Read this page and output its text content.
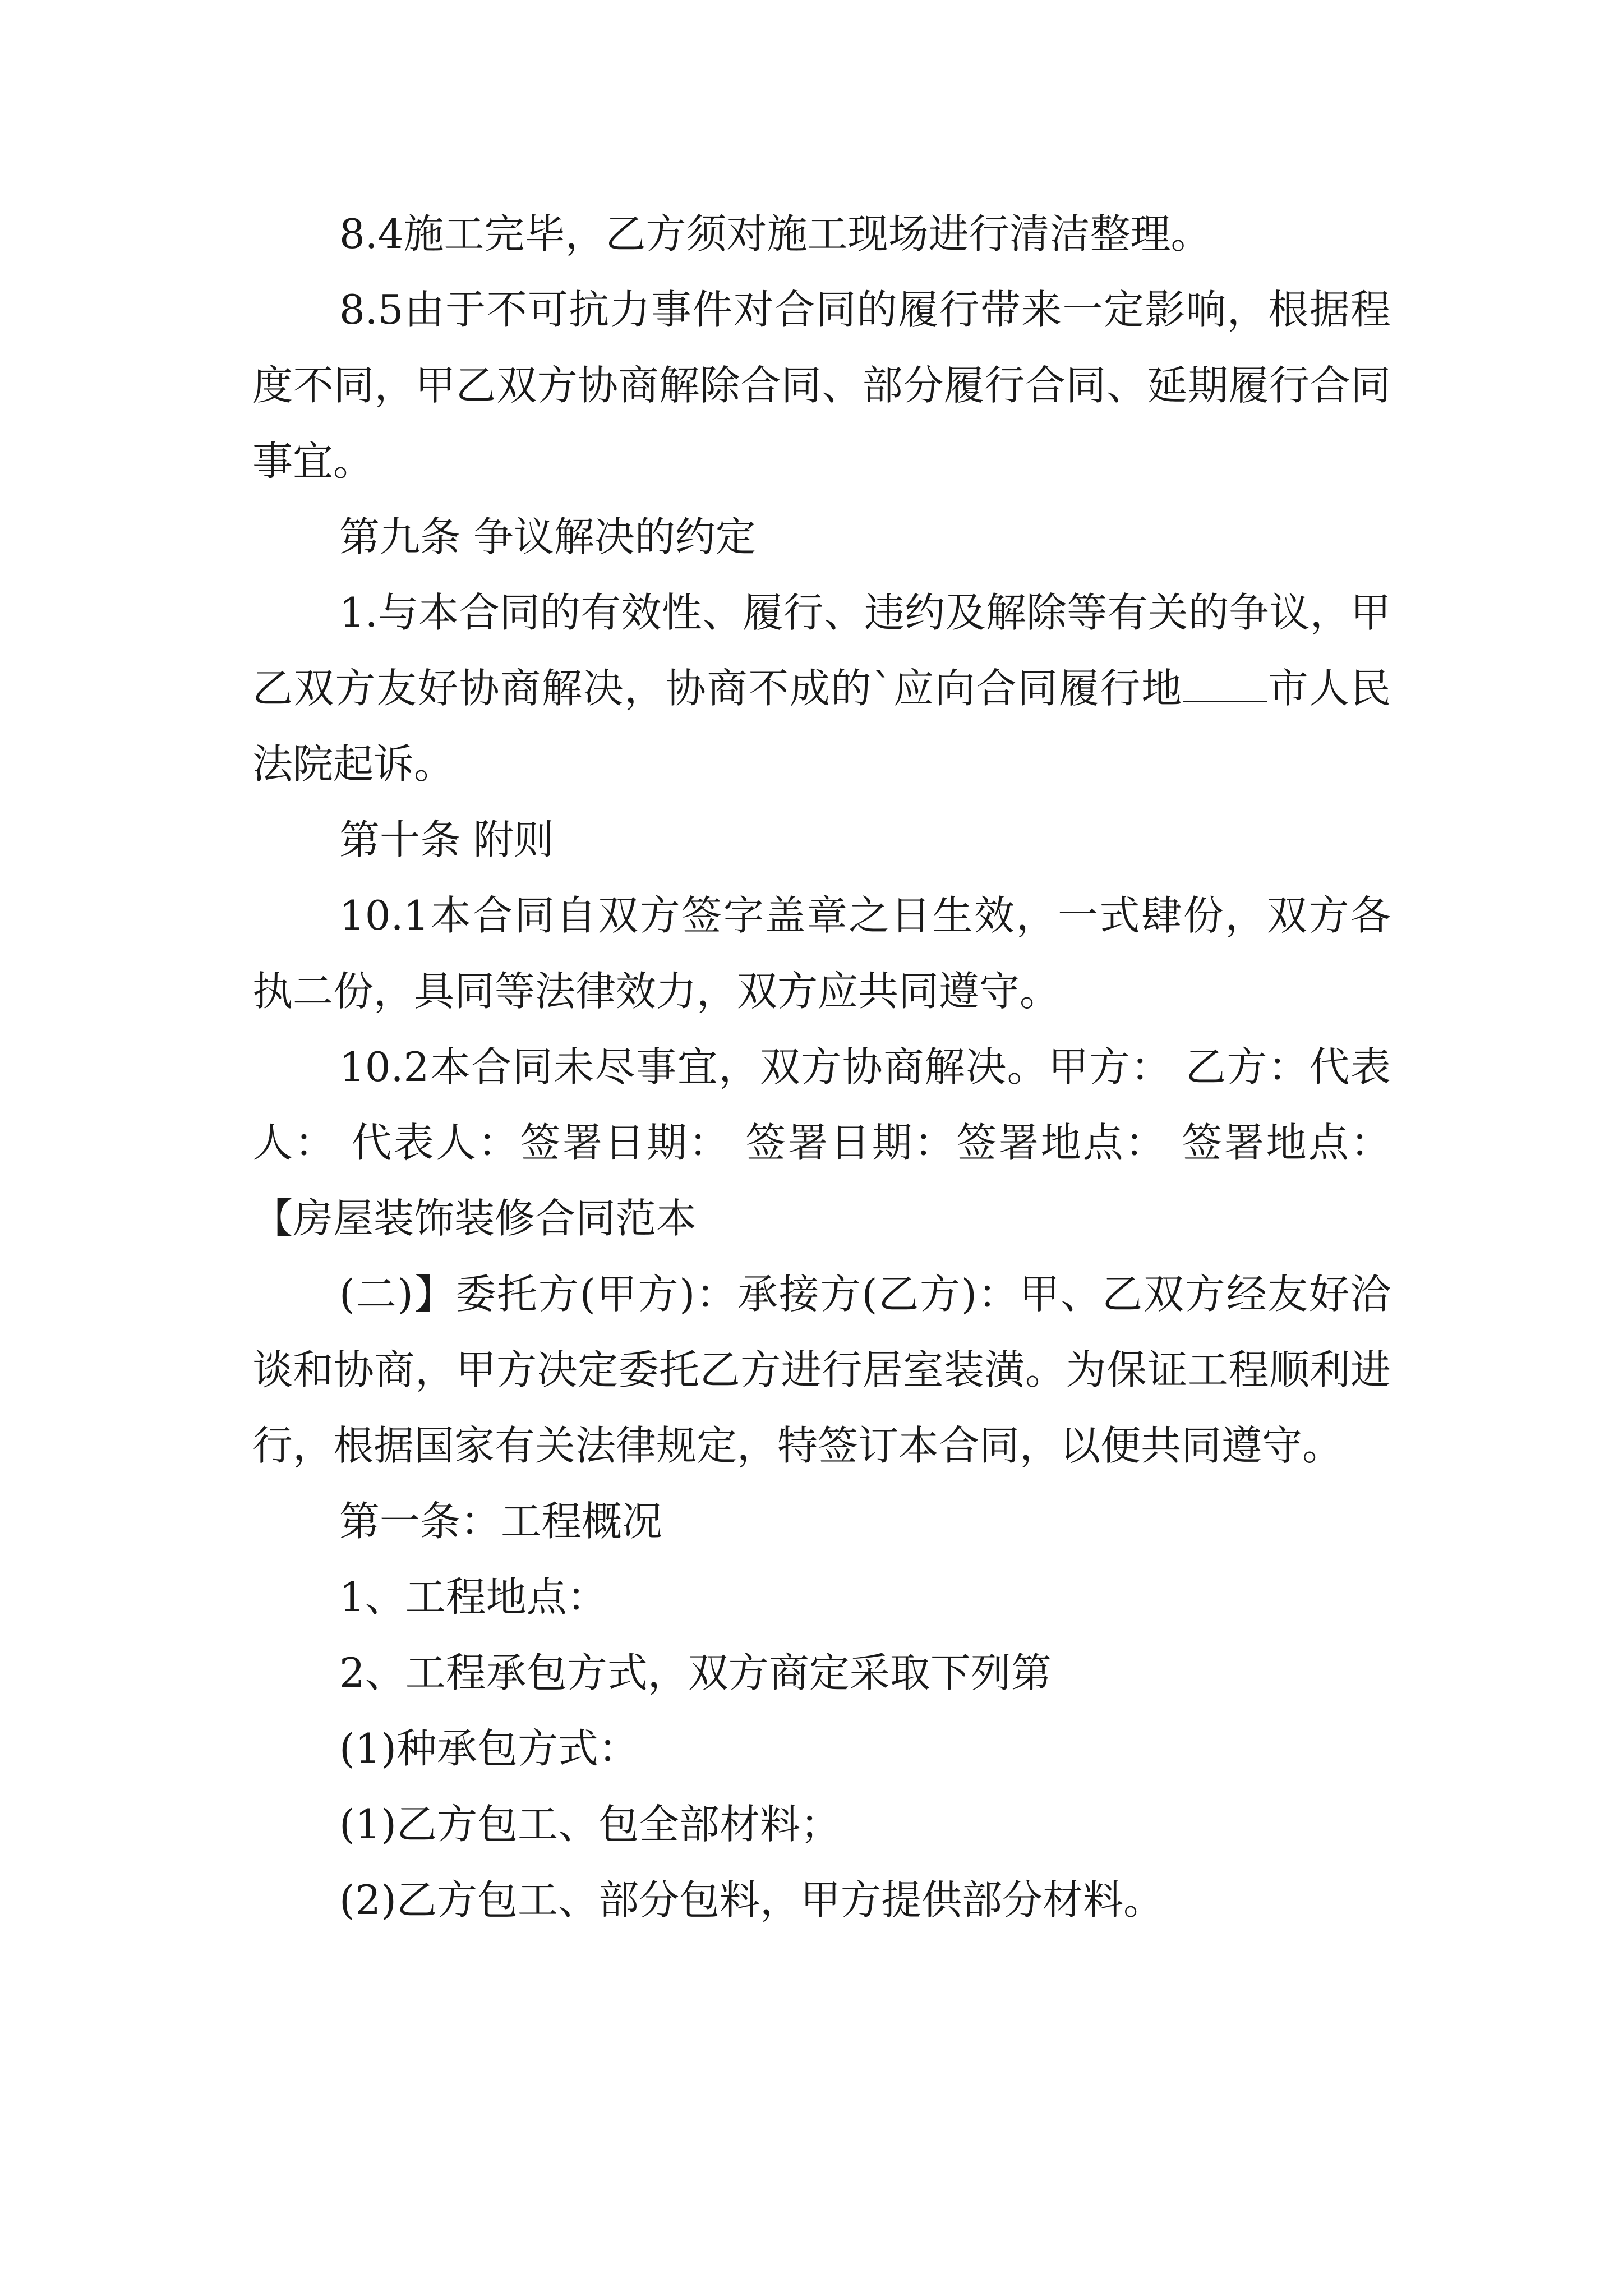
8.4施工完毕，乙方须对施工现场进行清洁整理。

8.5由于不可抗力事件对合同的履行带来一定影响，根据程度不同，甲乙双方协商解除合同、部分履行合同、延期履行合同事宜。

第九条 争议解决的约定

1.与本合同的有效性、履行、违约及解除等有关的争议，甲乙双方友好协商解决，协商不成的`应向合同履行地 市人民法院起诉。

第十条 附则

10.1本合同自双方签字盖章之日生效，一式肆份，双方各执二份，具同等法律效力，双方应共同遵守。

10.2本合同未尽事宜，双方协商解决。甲方： 乙方：代表人： 代表人：签署日期： 签署日期：签署地点： 签署地点：【房屋装饰装修合同范本

(二)】委托方(甲方)：承接方(乙方)：甲、乙双方经友好洽谈和协商，甲方决定委托乙方进行居室装潢。为保证工程顺利进行，根据国家有关法律规定，特签订本合同，以便共同遵守。

第一条：工程概况

1、工程地点：

2、工程承包方式，双方商定采取下列第

(1)种承包方式：

(1)乙方包工、包全部材料；

(2)乙方包工、部分包料，甲方提供部分材料。
